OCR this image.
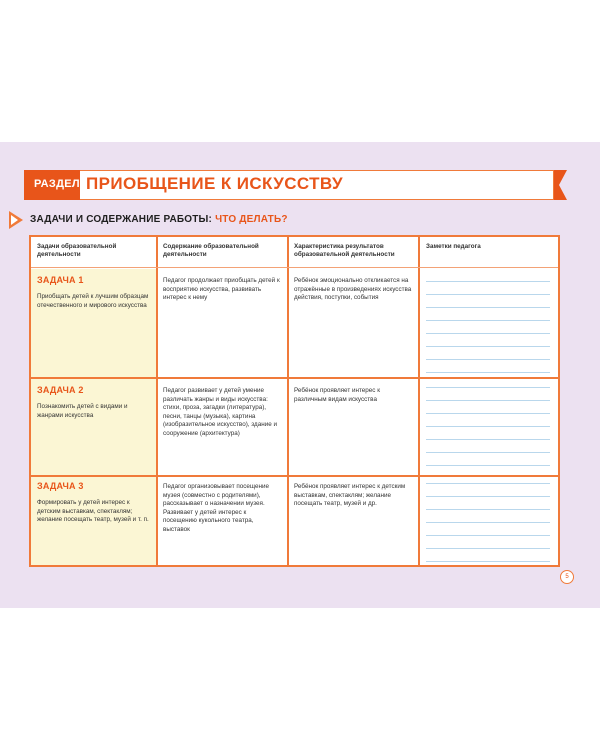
РАЗДЕЛ ПРИОБЩЕНИЕ К ИСКУССТВУ
ЗАДАЧИ И СОДЕРЖАНИЕ РАБОТЫ: ЧТО ДЕЛАТЬ?
Задачи образовательной деятельности
Содержание образовательной деятельности
Характеристика результатов образовательной деятельности
Заметки педагога
ЗАДАЧА 1
Приобщать детей к лучшим образцам отечественного и мирового искусства
Педагог продолжает приобщать детей к восприятию искусства, развивать интерес к нему
Ребёнок эмоционально откликается на отражённые в произведениях искусства действия, поступки, события
ЗАДАЧА 2
Познакомить детей с видами и жанрами искусства
Педагог развивает у детей умение различать жанры и виды искусства: стихи, проза, загадки (литература), песни, танцы (музыка), картина (изобразительное искусство), здание и сооружение (архитектура)
Ребёнок проявляет интерес к различным видам искусства
ЗАДАЧА 3
Формировать у детей интерес к детским выставкам, спектаклям; желание посещать театр, музей и т. п.
Педагог организовывает посещение музея (совместно с родителями), рассказывает о назначении музея. Развивает у детей интерес к посещению кукольного театра, выставок
Ребёнок проявляет интерес к детским выставкам, спектаклям; желание посещать театр, музей и др.
5
